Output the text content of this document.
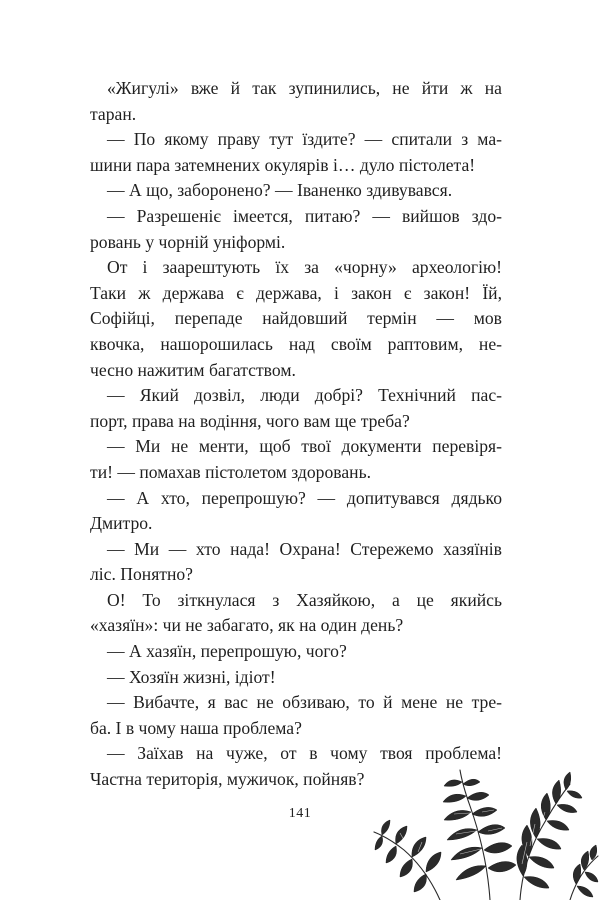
«Жигулі» вже й так зупинились, не йти ж на
таран.

— По якому праву тут їздите? — спитали з ма-
шини пара затемнених окулярів і… дуло пістолета!

— А що, заборонено? — Іваненко здивувався.

— Разрешеніє імеется, питаю? — вийшов здо-
ровань у чорній уніформі.

От і заарештують їх за «чорну» археологію!
Таки ж держава є держава, і закон є закон! Їй,
Софійці, перепаде найдовший термін — мов
квочка, нашорошилась над своїм раптовим, не-
чесно нажитим багатством.

— Який дозвіл, люди добрі? Технічний пас-
порт, права на водіння, чого вам ще треба?

— Ми не менти, щоб твої документи перевіря-
ти! — помахав пістолетом здоровань.

— А хто, перепрошую? — допитувався дядько
Дмитро.

— Ми — хто нада! Охрана! Стережемо хазяїнів
ліс. Понятно?

О! То зіткнулася з Хазяйкою, а це якийсь
«хазяїн»: чи не забагато, як на один день?

— А хазяїн, перепрошую, чого?

— Хозяїн жизні, ідіот!

— Вибачте, я вас не обзиваю, то й мене не тре-
ба. І в чому наша проблема?

— Заїхав на чуже, от в чому твоя проблема!
Частна територія, мужичок, пойняв?

141
